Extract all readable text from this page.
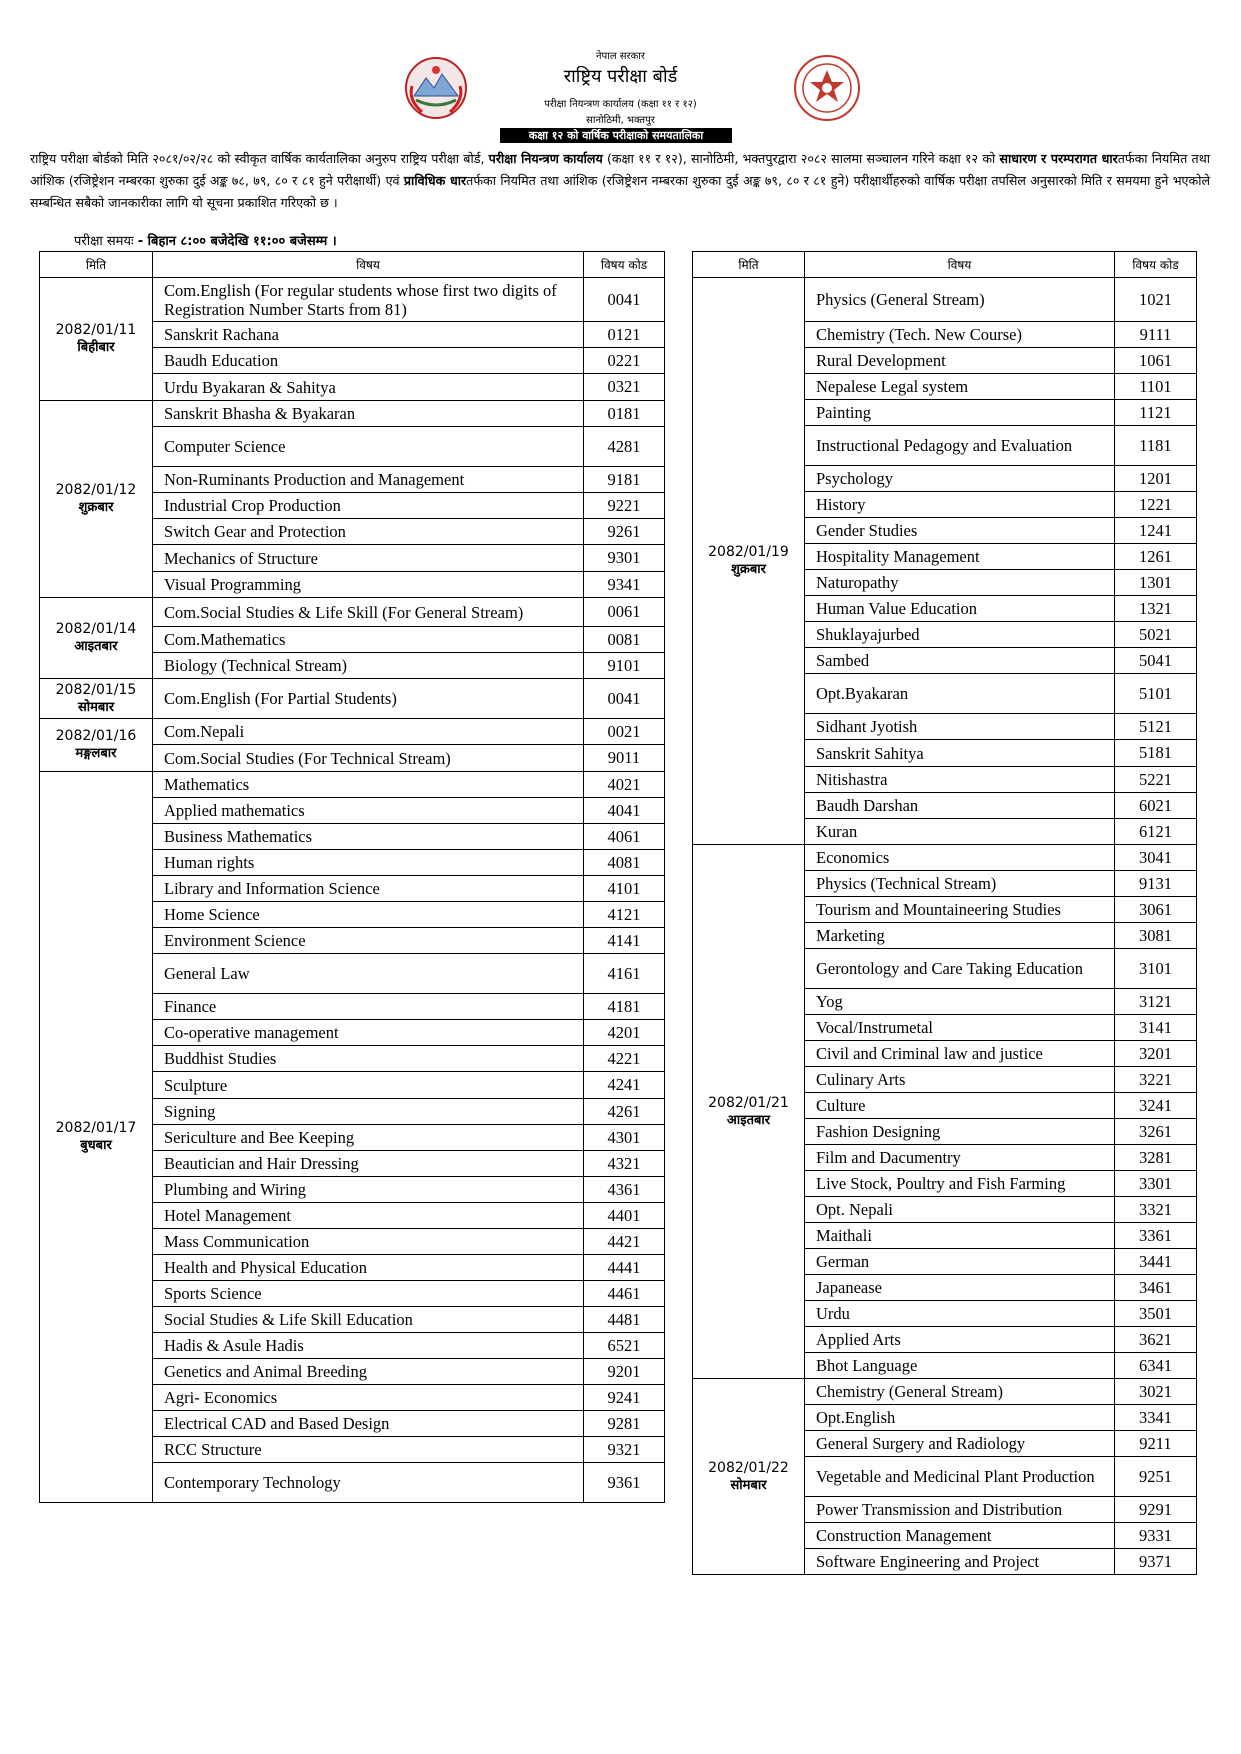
नेपाल सरकार
राष्ट्रिय परीक्षा बोर्ड
परीक्षा नियन्त्रण कार्यालय (कक्षा ११ र १२)
सानोठिमी, भक्तपुर
कक्षा १२ को वार्षिक परीक्षाको समयतालिका
राष्ट्रिय परीक्षा बोर्डको मिति २०८१/०२/२८ को स्वीकृत वार्षिक कार्यतालिका अनुरुप राष्ट्रिय परीक्षा बोर्ड, परीक्षा नियन्त्रण कार्यालय (कक्षा ११ र १२), सानोठिमी, भक्तपुरद्वारा २०८२ सालमा सञ्चालन गरिने कक्षा १२ को साधारण र परम्परागत धारतर्फका नियमित तथा आंशिक (रजिष्ट्रेशन नम्बरका शुरुका दुई अङ्क ७८, ७९, ८० र ८१ हुने परीक्षार्थी) एवं प्राविधिक धारतर्फका नियमित तथा आंशिक (रजिष्ट्रेशन नम्बरका शुरुका दुई अङ्क ७९, ८० र ८१ हुने) परीक्षार्थीहरुको वार्षिक परीक्षा तपसिल अनुसारको मिति र समयमा हुने भएकोले सम्बन्धित सबैको जानकारीका लागि यो सूचना प्रकाशित गरिएको छ ।
परीक्षा समयः - बिहान ८:०० बजेदेखि ११:०० बजेसम्म ।
मिति	विषय	विषय कोड
2082/01/11
बिहीबार	Com.English (For regular students whose first two digits of Registration Number Starts from 81)	0041
	Sanskrit Rachana	0121
	Baudh Education	0221
	Urdu Byakaran & Sahitya	0321
2082/01/12
शुक्रबार	Sanskrit Bhasha & Byakaran	0181
	Computer Science	4281
	Non-Ruminants Production and Management	9181
	Industrial Crop Production	9221
	Switch Gear and Protection	9261
	Mechanics of Structure	9301
	Visual Programming	9341
2082/01/14
आइतबार	Com.Social Studies & Life Skill (For General Stream)	0061
	Com.Mathematics	0081
	Biology (Technical Stream)	9101
2082/01/15
सोमबार	Com.English (For Partial Students)	0041
2082/01/16
मङ्गलबार	Com.Nepali	0021
	Com.Social Studies (For Technical Stream)	9011
2082/01/17
बुधबार	Mathematics	4021
	Applied mathematics	4041
	Business Mathematics	4061
	Human rights	4081
	Library and Information Science	4101
	Home Science	4121
	Environment Science	4141
	General Law	4161
	Finance	4181
	Co-operative management	4201
	Buddhist Studies	4221
	Sculpture	4241
	Signing	4261
	Sericulture and Bee Keeping	4301
	Beautician and Hair Dressing	4321
	Plumbing and Wiring	4361
	Hotel Management	4401
	Mass Communication	4421
	Health and Physical Education	4441
	Sports Science	4461
	Social Studies & Life Skill Education	4481
	Hadis & Asule Hadis	6521
	Genetics and Animal Breeding	9201
	Agri- Economics	9241
	Electrical CAD and Based Design	9281
	RCC Structure	9321
	Contemporary Technology	9361
मिति	विषय	विषय कोड
2082/01/19
शुक्रबार	Physics (General Stream)	1021
	Chemistry (Tech. New Course)	9111
	Rural Development	1061
	Nepalese Legal system	1101
	Painting	1121
	Instructional Pedagogy and Evaluation	1181
	Psychology	1201
	History	1221
	Gender Studies	1241
	Hospitality Management	1261
	Naturopathy	1301
	Human Value Education	1321
	Shuklayajurbed	5021
	Sambed	5041
	Opt.Byakaran	5101
	Sidhant Jyotish	5121
	Sanskrit Sahitya	5181
	Nitishastra	5221
	Baudh Darshan	6021
	Kuran	6121
2082/01/21
आइतबार	Economics	3041
	Physics (Technical Stream)	9131
	Tourism and Mountaineering Studies	3061
	Marketing	3081
	Gerontology and Care Taking Education	3101
	Yog	3121
	Vocal/Instrumetal	3141
	Civil and Criminal law and justice	3201
	Culinary Arts	3221
	Culture	3241
	Fashion Designing	3261
	Film and Dacumentry	3281
	Live Stock, Poultry and Fish Farming	3301
	Opt. Nepali	3321
	Maithali	3361
	German	3441
	Japanease	3461
	Urdu	3501
	Applied Arts	3621
	Bhot Language	6341
2082/01/22
सोमबार	Chemistry (General Stream)	3021
	Opt.English	3341
	General Surgery and Radiology	9211
	Vegetable and Medicinal Plant Production	9251
	Power Transmission and Distribution	9291
	Construction Management	9331
	Software Engineering and Project	9371
